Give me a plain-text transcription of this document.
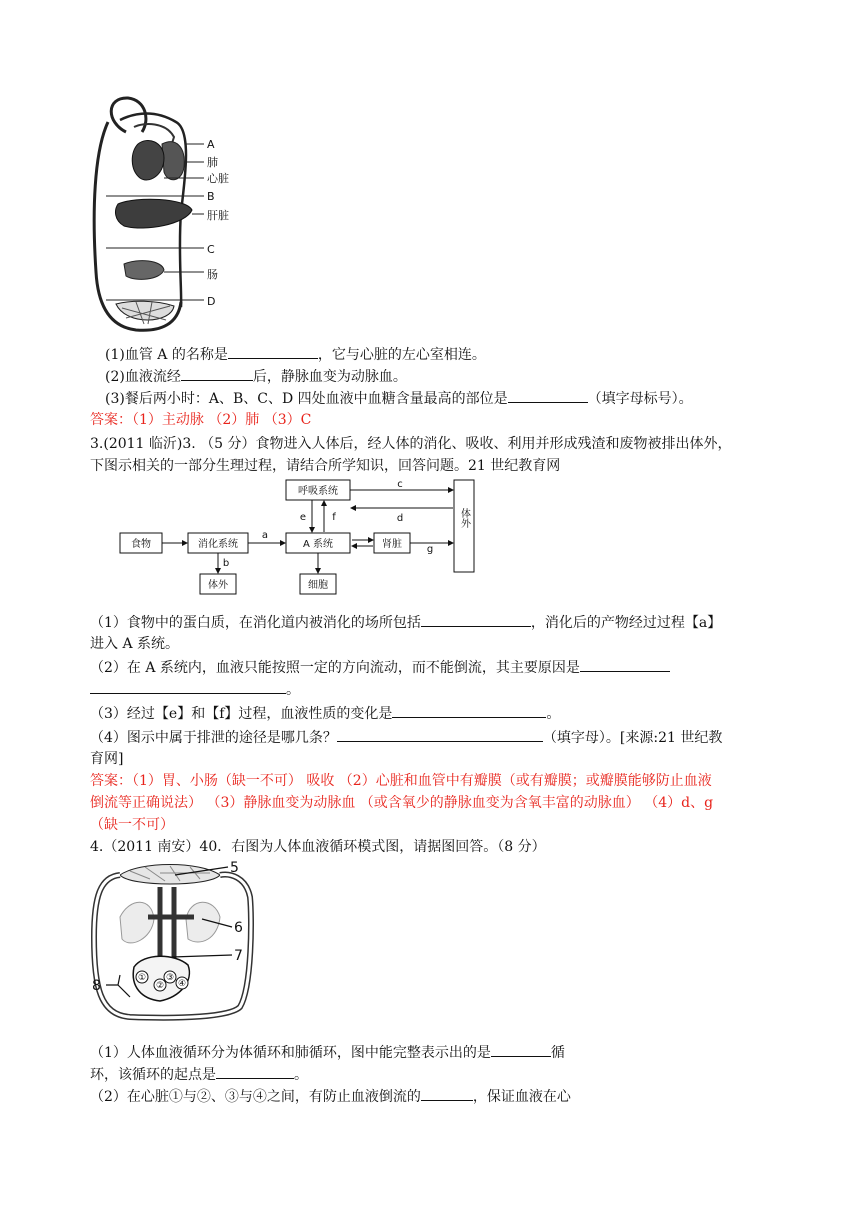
A
肺
心脏
B
肝脏
C
肠
D
(1)血管 A 的名称是	，它与心脏的左心室相连。
(2)血液流经	后，静脉血变为动脉血。
(3)餐后两小时：A、B、C、D 四处血液中血糖含量最高的部位是	（填字母标号）。
答案：（1）主动脉 （2）肺 （3）C
3.(2011 临沂)3. （5 分）食物进入人体后，经人体的消化、吸收、利用并形成残渣和废物被排出体外，
下图示相关的一部分生理过程，请结合所学知识，回答问题。21 世纪教育网
食物	消化系统	A 系统	肾脏
呼吸系统
体外	细胞
体外
a
b
c
d
e	f
g
（1）食物中的蛋白质，在消化道内被消化的场所包括	，消化后的产物经过过程【a】
进入 A 系统。
（2）在 A 系统内，血液只能按照一定的方向流动，而不能倒流，其主要原因是
。
（3）经过【e】和【f】过程，血液性质的变化是	。
（4）图示中属于排泄的途径是哪几条？	（填字母）。[来源:21 世纪教
育网]
答案：（1）胃、小肠（缺一不可） 吸收 （2）心脏和血管中有瓣膜（或有瓣膜；或瓣膜能够防止血液
倒流等正确说法） （3）静脉血变为动脉血 （或含氧少的静脉血变为含氧丰富的动脉血） （4）d、g
（缺一不可）
4.（2011 南安）40．右图为人体血液循环模式图，请据图回答。（8 分）
①
②
③
④
5
6
7
8
（1）人体血液循环分为体循环和肺循环，图中能完整表示出的是	循
环，该循环的起点是	。
（2）在心脏①与②、③与④之间，有防止血液倒流的	，保证血液在心
